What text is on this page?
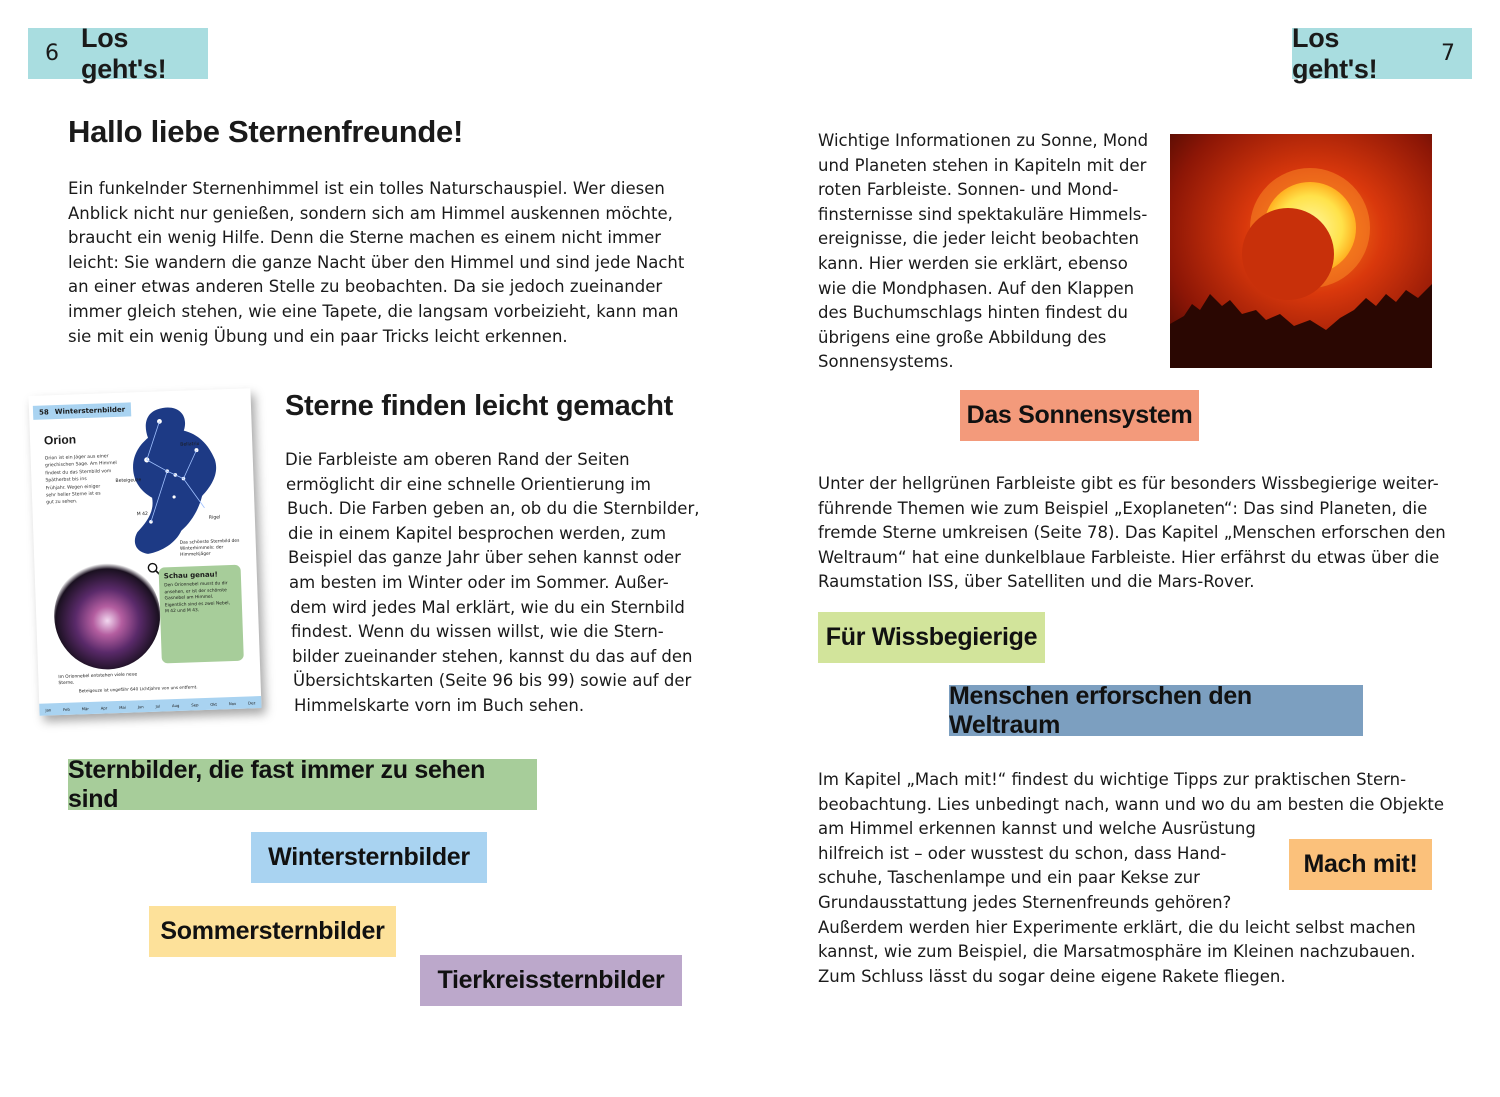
6
Los geht's!
Los geht's!	7
Hallo liebe Sternenfreunde!

Ein funkelnder Sternenhimmel ist ein tolles Naturschauspiel. Wer diesen
Anblick nicht nur genießen, sondern sich am Himmel auskennen möchte,
braucht ein wenig Hilfe. Denn die Sterne machen es einem nicht immer
leicht: Sie wandern die ganze Nacht über den Himmel und sind jede Nacht
an einer etwas anderen Stelle zu beobachten. Da sie jedoch zueinander
immer gleich stehen, wie eine Tapete, die langsam vorbeizieht, kann man
sie mit ein wenig Übung und ein paar Tricks leicht erkennen.

58 Wintersternbilder
Orion
Orion ist ein Jäger aus einer
griechischen Sage. Am Himmel
findest du das Sternbild vom
Spätherbst bis ins
Frühjahr. Wegen einiger
sehr heller Sterne ist es
gut zu sehen.
Bellatrix
Beteigeuze
M 42
Rigel
Das schönste Sternbild des Winterhimmels: der Himmelsjäger
Schau genau!
Den Orionnebel musst du dir
ansehen, er ist der schönste
Gasnebel am Himmel.
Eigentlich sind es zwei Nebel,
M 42 und M 43.
Im Orionnebel entstehen viele neue Sterne.
Beteigeuze ist ungefähr 640 Lichtjahre von uns entfernt.
Jan	Feb	Mär	Apr	Mai	Jun	Jul	Aug	Sep	Okt	Nov	Dez
Sterne finden leicht gemacht

Die Farbleiste am oberen Rand der Seiten
ermöglicht dir eine schnelle Orientierung im
Buch. Die Farben geben an, ob du die Sternbilder,
die in einem Kapitel besprochen werden, zum
Beispiel das ganze Jahr über sehen kannst oder
am besten im Winter oder im Sommer. Außer-
dem wird jedes Mal erklärt, wie du ein Sternbild
findest. Wenn du wissen willst, wie die Stern-
bilder zueinander stehen, kannst du das auf den
Übersichtskarten (Seite 96 bis 99) sowie auf der
Himmelskarte vorn im Buch sehen.

Sternbilder, die fast immer zu sehen sind
Wintersternbilder
Sommersternbilder
Tierkreissternbilder

Wichtige Informationen zu Sonne, Mond
und Planeten stehen in Kapiteln mit der
roten Farbleiste. Sonnen- und Mond-
finsternisse sind spektakuläre Himmels-
ereignisse, die jeder leicht beobachten
kann. Hier werden sie erklärt, ebenso
wie die Mondphasen. Auf den Klappen
des Buchumschlags hinten findest du
übrigens eine große Abbildung des
Sonnensystems.

Das Sonnensystem

Unter der hellgrünen Farbleiste gibt es für besonders Wissbegierige weiter-
führende Themen wie zum Beispiel „Exoplaneten“: Das sind Planeten, die
fremde Sterne umkreisen (Seite 78). Das Kapitel „Menschen erforschen den
Weltraum“ hat eine dunkelblaue Farbleiste. Hier erfährst du etwas über die
Raumstation ISS, über Satelliten und die Mars-Rover.

Für Wissbegierige
Menschen erforschen den Weltraum

Im Kapitel „Mach mit!“ findest du wichtige Tipps zur praktischen Stern-
beobachtung. Lies unbedingt nach, wann und wo du am besten die Objekte
am Himmel erkennen kannst und welche Ausrüstung
hilfreich ist – oder wusstest du schon, dass Hand-
schuhe, Taschenlampe und ein paar Kekse zur
Grundausstattung jedes Sternenfreunds gehören?
Außerdem werden hier Experimente erklärt, die du leicht selbst machen
kannst, wie zum Beispiel, die Marsatmosphäre im Kleinen nachzubauen.
Zum Schluss lässt du sogar deine eigene Rakete fliegen.

Mach mit!
